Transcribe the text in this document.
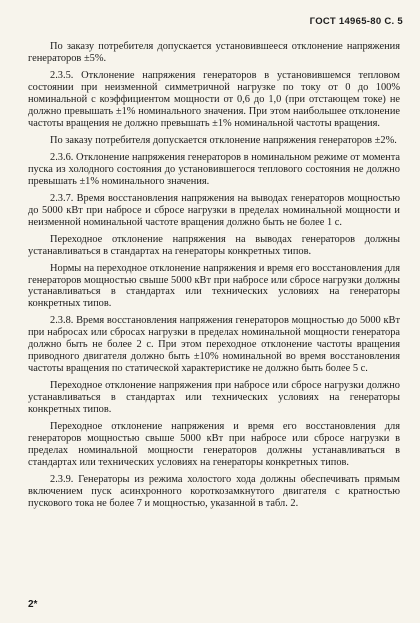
ГОСТ 14965-80 С. 5

По заказу потребителя допускается установившееся отклонение напряжения генераторов ±5%.

2.3.5. Отклонение напряжения генераторов в установившемся тепловом состоянии при неизменной симметричной нагрузке по току от 0 до 100% номинальной с коэффициентом мощности от 0,6 до 1,0 (при отстающем токе) не должно превышать ±1% номинального значения. При этом наибольшее отклонение частоты вращения не должно превышать ±1% номинальной частоты вращения.

По заказу потребителя допускается отклонение напряжения генераторов ±2%.

2.3.6. Отклонение напряжения генераторов в номинальном режиме от момента пуска из холодного состояния до установившегося теплового состояния не должно превышать ±1% номинального значения.

2.3.7. Время восстановления напряжения на выводах генераторов мощностью до 5000 кВт при набросе и сбросе нагрузки в пределах номинальной мощности и неизменной номинальной частоте вращения должно быть не более 1 с.

Переходное отклонение напряжения на выводах генераторов должны устанавливаться в стандартах на генераторы конкретных типов.

Нормы на переходное отклонение напряжения и время его восстановления для генераторов мощностью свыше 5000 кВт при набросе или сбросе нагрузки должны устанавливаться в стандартах или технических условиях на генераторы конкретных типов.

2.3.8. Время восстановления напряжения генераторов мощностью до 5000 кВт при набросах или сбросах нагрузки в пределах номинальной мощности генератора должно быть не более 2 с. При этом переходное отклонение частоты вращения приводного двигателя должно быть ±10% номинальной во время восстановления частоты вращения по статической характеристике не должно быть более 5 с.

Переходное отклонение напряжения при набросе или сбросе нагрузки должно устанавливаться в стандартах или технических условиях на генераторы конкретных типов.

Переходное отклонение напряжения и время его восстановления для генераторов мощностью свыше 5000 кВт при набросе или сбросе нагрузки в пределах номинальной мощности генераторов должны устанавливаться в стандартах или технических условиях на генераторы конкретных типов.

2.3.9. Генераторы из режима холостого хода должны обеспечивать прямым включением пуск асинхронного короткозамкнутого двигателя с кратностью пускового тока не более 7 и мощностью, указанной в табл. 2.

2*
